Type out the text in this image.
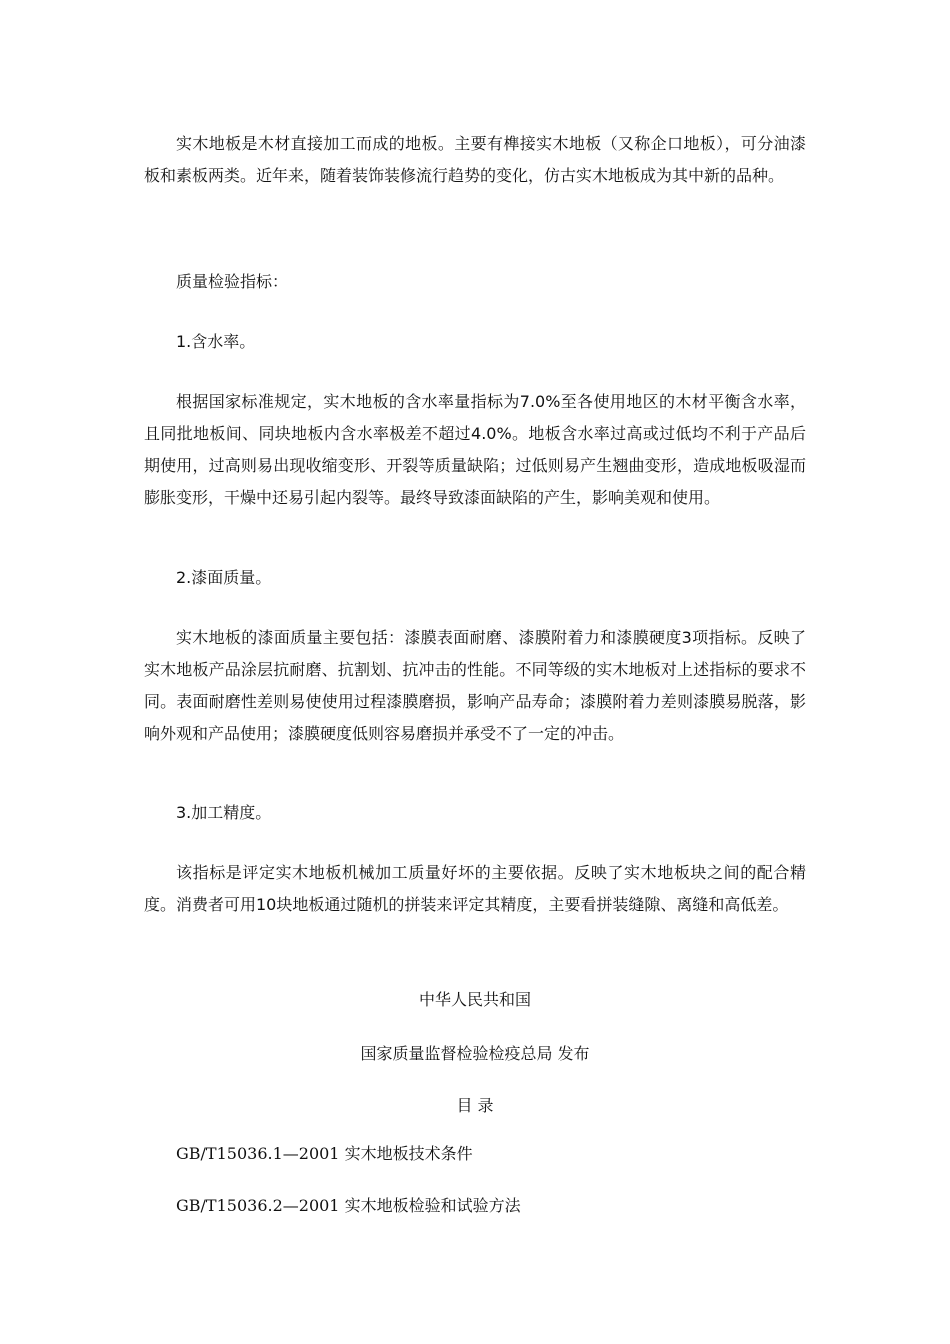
实木地板是木材直接加工而成的地板。主要有榫接实木地板（又称企口地板），可分油漆板和素板两类。近年来，随着装饰装修流行趋势的变化，仿古实木地板成为其中新的品种。

质量检验指标：

1.含水率。

根据国家标准规定，实木地板的含水率量指标为7.0%至各使用地区的木材平衡含水率，且同批地板间、同块地板内含水率极差不超过4.0%。地板含水率过高或过低均不利于产品后期使用，过高则易出现收缩变形、开裂等质量缺陷；过低则易产生翘曲变形，造成地板吸湿而膨胀变形，干燥中还易引起内裂等。最终导致漆面缺陷的产生，影响美观和使用。

2.漆面质量。

实木地板的漆面质量主要包括：漆膜表面耐磨、漆膜附着力和漆膜硬度3项指标。反映了实木地板产品涂层抗耐磨、抗割划、抗冲击的性能。不同等级的实木地板对上述指标的要求不同。表面耐磨性差则易使使用过程漆膜磨损，影响产品寿命；漆膜附着力差则漆膜易脱落，影响外观和产品使用；漆膜硬度低则容易磨损并承受不了一定的冲击。

3.加工精度。

该指标是评定实木地板机械加工质量好坏的主要依据。反映了实木地板块之间的配合精度。消费者可用10块地板通过随机的拼装来评定其精度，主要看拼装缝隙、离缝和高低差。

中华人民共和国

国家质量监督检验检疫总局 发布

目 录

GB/T15036.1—2001 实木地板技术条件

GB/T15036.2—2001 实木地板检验和试验方法
